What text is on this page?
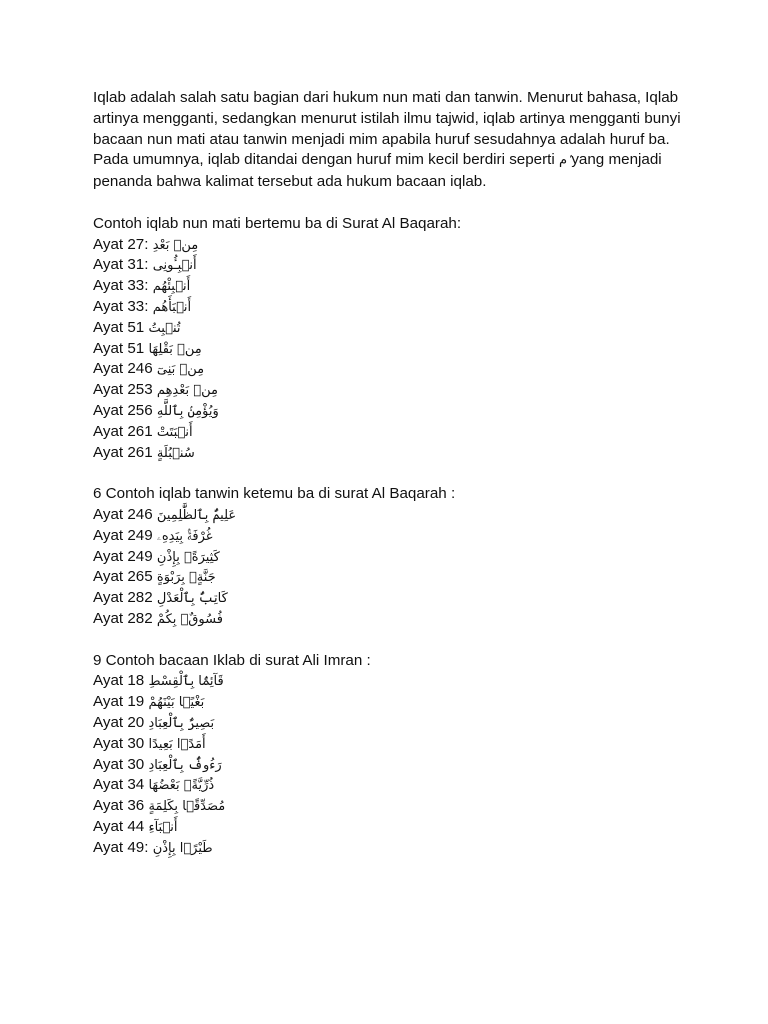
Iqlab adalah salah satu bagian dari hukum nun mati dan tanwin. Menurut bahasa, Iqlab artinya mengganti, sedangkan menurut istilah ilmu tajwid, iqlab artinya mengganti bunyi bacaan nun mati atau tanwin menjadi mim apabila huruf sesudahnya adalah huruf ba. Pada umumnya, iqlab ditandai dengan huruf mim kecil berdiri seperti ۢم yang menjadi penanda bahwa kalimat tersebut ada hukum bacaan iqlab.

Contoh iqlab nun mati bertemu ba di Surat Al Baqarah:

Ayat 27: مِنۢ بَعْدِ
Ayat 31: أَنۢبِـُٔونِى
Ayat 33: أَنۢبِئْهُم
Ayat 33: أَنۢبَأَهُم
Ayat 51 تُنۢبِتُ
Ayat 51 مِنۢ بَقْلِهَا
Ayat 246 مِنۢ بَنِىٓ
Ayat 253 مِنۢ بَعْدِهِم
Ayat 256 وَيُؤْمِنۢ بِٱللَّهِ
Ayat 261 أَنۢبَتَتْ
Ayat 261 سُنۢبُلَةٍ

6 Contoh iqlab tanwin ketemu ba di surat Al Baqarah :

Ayat 246 عَلِيمٌۢ بِٱلظَّٰلِمِينَ
Ayat 249 غُرْفَةًۢ بِيَدِهِۦ
Ayat 249 كَثِيرَةًۢ بِإِذْنِ
Ayat 265 جَنَّةٍۭ بِرَبْوَةٍ
Ayat 282 كَاتِبٌۢ بِٱلْعَدْلِ
Ayat 282 فُسُوقٌۢ بِكُمْ

9 Contoh bacaan Iklab di surat Ali Imran :

Ayat 18 قَآئِمًۢا بِٱلْقِسْطِ
Ayat 19 بَغْيًۢا بَيْنَهُمْ
Ayat 20 بَصِيرٌۢ بِٱلْعِبَادِ
Ayat 30 أَمَدًۢا بَعِيدًا
Ayat 30 رَءُوفٌۢ بِٱلْعِبَادِ
Ayat 34 ذُرِّيَّةًۢ بَعْضُهَا
Ayat 36 مُصَدِّقًۢا بِكَلِمَةٍ
Ayat 44 أَنۢبَآءِ
Ayat 49: طَيْرًۢا بِإِذْنِ
